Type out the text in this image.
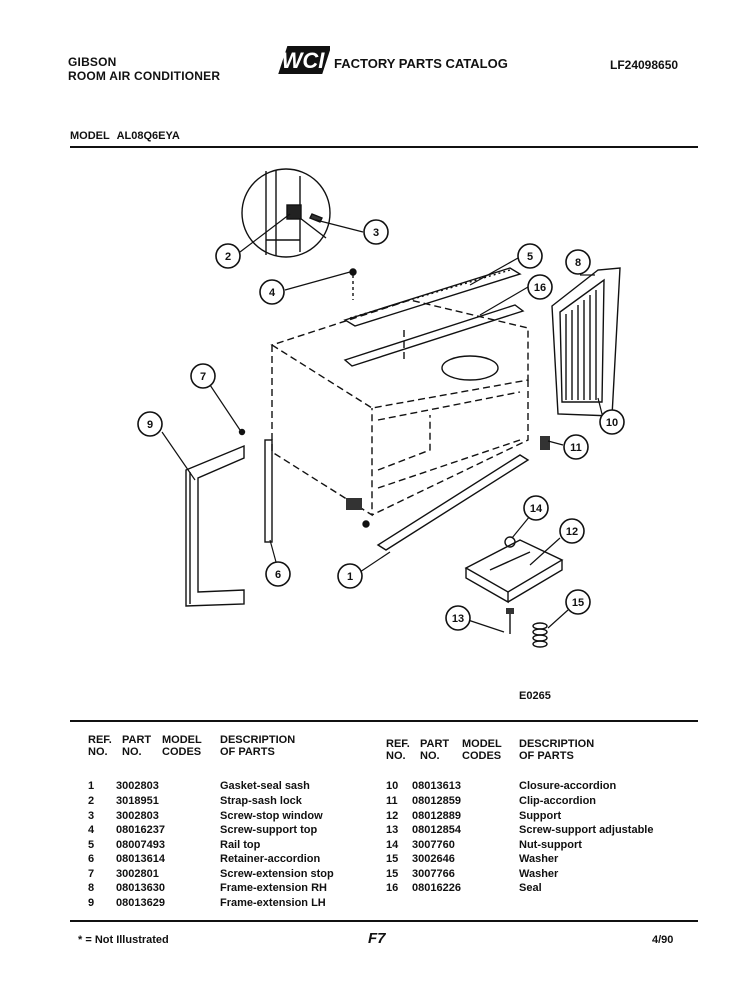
GIBSON
ROOM AIR CONDITIONER
WCI FACTORY PARTS CATALOG	LF24098650
MODEL AL08Q6EYA
2
3
4
5
16
8
10
11
7
9
6	1
14
12
13
15
E0265
REF.
NO.
PART
NO.
MODEL
CODES
DESCRIPTION
OF PARTS
REF.
NO.
PART
NO.
MODEL
CODES
DESCRIPTION
OF PARTS
1 3002803	Gasket-seal sash
2 3018951	Strap-sash lock
3 3002803	Screw-stop window
4 08016237	Screw-support top
5 08007493	Rail top
6 08013614	Retainer-accordion
7 3002801	Screw-extension stop
8 08013630	Frame-extension RH
9 08013629	Frame-extension LH
10 08013613	Closure-accordion
11 08012859	Clip-accordion
12 08012889	Support
13 08012854	Screw-support adjustable
14 3007760	Nut-support
15 3002646	Washer
15 3007766	Washer
16 08016226	Seal
* = Not Illustrated	F7	4/90
